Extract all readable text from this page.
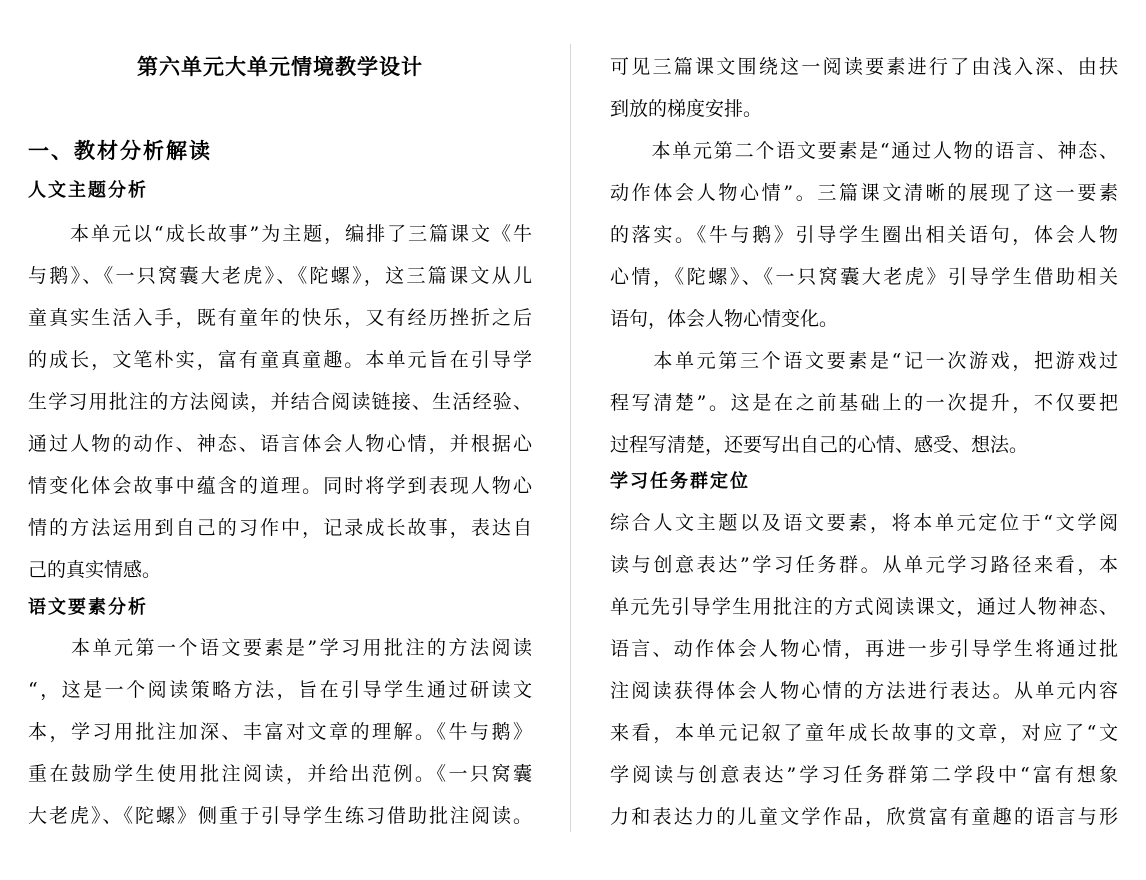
第六单元大单元情境教学设计
一、教材分析解读
人文主题分析
　　本单元以“成长故事”为主题，编排了三篇课文《牛
与鹅》、《一只窝囊大老虎》、《陀螺》，这三篇课文从儿
童真实生活入手，既有童年的快乐，又有经历挫折之后
的成长，文笔朴实，富有童真童趣。本单元旨在引导学
生学习用批注的方法阅读，并结合阅读链接、生活经验、
通过人物的动作、神态、语言体会人物心情，并根据心
情变化体会故事中蕴含的道理。同时将学到表现人物心
情的方法运用到自己的习作中，记录成长故事，表达自
己的真实情感。
语文要素分析
　　本单元第一个语文要素是”学习用批注的方法阅读
“，这是一个阅读策略方法，旨在引导学生通过研读文
本，学习用批注加深、丰富对文章的理解。《牛与鹅》
重在鼓励学生使用批注阅读，并给出范例。《一只窝囊
大老虎》、《陀螺》侧重于引导学生练习借助批注阅读。
可见三篇课文围绕这一阅读要素进行了由浅入深、由扶
到放的梯度安排。
　　本单元第二个语文要素是“通过人物的语言、神态、
动作体会人物心情”。三篇课文清晰的展现了这一要素
的落实。《牛与鹅》引导学生圈出相关语句，体会人物
心情，《陀螺》、《一只窝囊大老虎》引导学生借助相关
语句，体会人物心情变化。
　　本单元第三个语文要素是“记一次游戏，把游戏过
程写清楚”。这是在之前基础上的一次提升，不仅要把
过程写清楚，还要写出自己的心情、感受、想法。
学习任务群定位
综合人文主题以及语文要素，将本单元定位于“文学阅
读与创意表达”学习任务群。从单元学习路径来看，本
单元先引导学生用批注的方式阅读课文，通过人物神态、
语言、动作体会人物心情，再进一步引导学生将通过批
注阅读获得体会人物心情的方法进行表达。从单元内容
来看，本单元记叙了童年成长故事的文章，对应了“文
学阅读与创意表达”学习任务群第二学段中“富有想象
力和表达力的儿童文学作品，欣赏富有童趣的语言与形
